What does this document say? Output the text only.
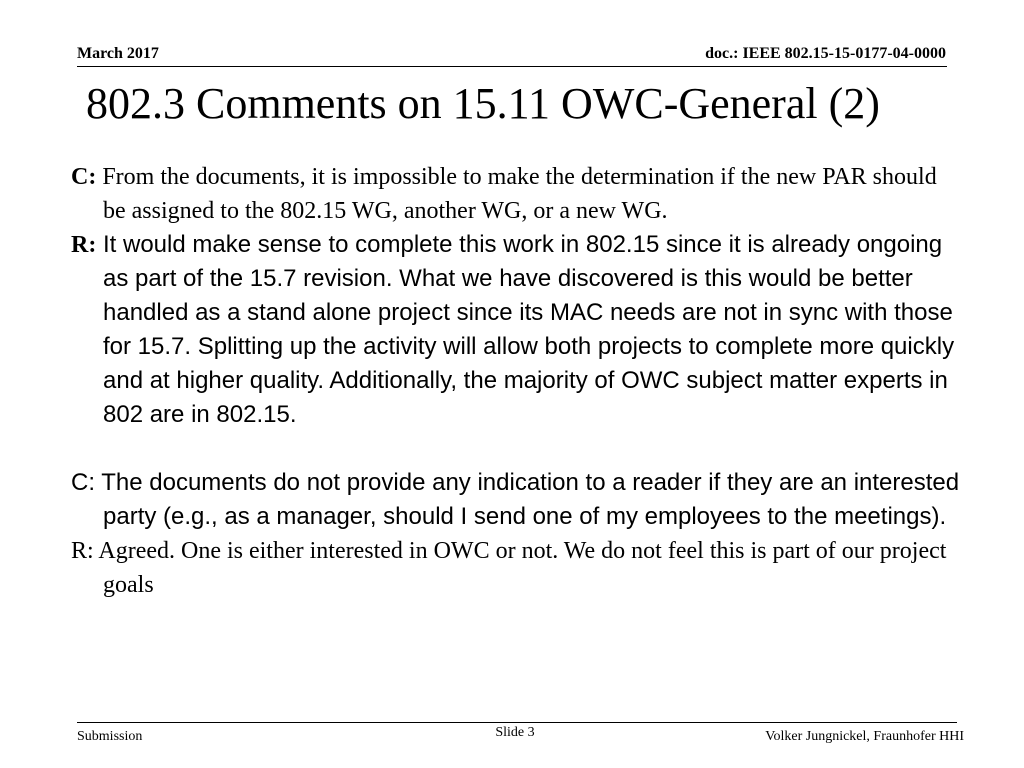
March 2017	doc.: IEEE 802.15-15-0177-04-0000
802.3 Comments on 15.11 OWC-General (2)

C: From the documents, it is impossible to make the determination if the new PAR should be assigned to the 802.15 WG, another WG, or a new WG.

R: It would make sense to complete this work in 802.15 since it is already ongoing as part of the 15.7 revision. What we have discovered is this would be better handled as a stand alone project since its MAC needs are not in sync with those for 15.7. Splitting up the activity will allow both projects to complete more quickly and at higher quality. Additionally, the majority of OWC subject matter experts in 802 are in 802.15.

C: The documents do not provide any indication to a reader if they are an interested party (e.g., as a manager, should I send one of my employees to the meetings).

R: Agreed. One is either interested in OWC or not. We do not feel this is part of our project goals

Submission	Slide 3	Volker Jungnickel, Fraunhofer HHI
